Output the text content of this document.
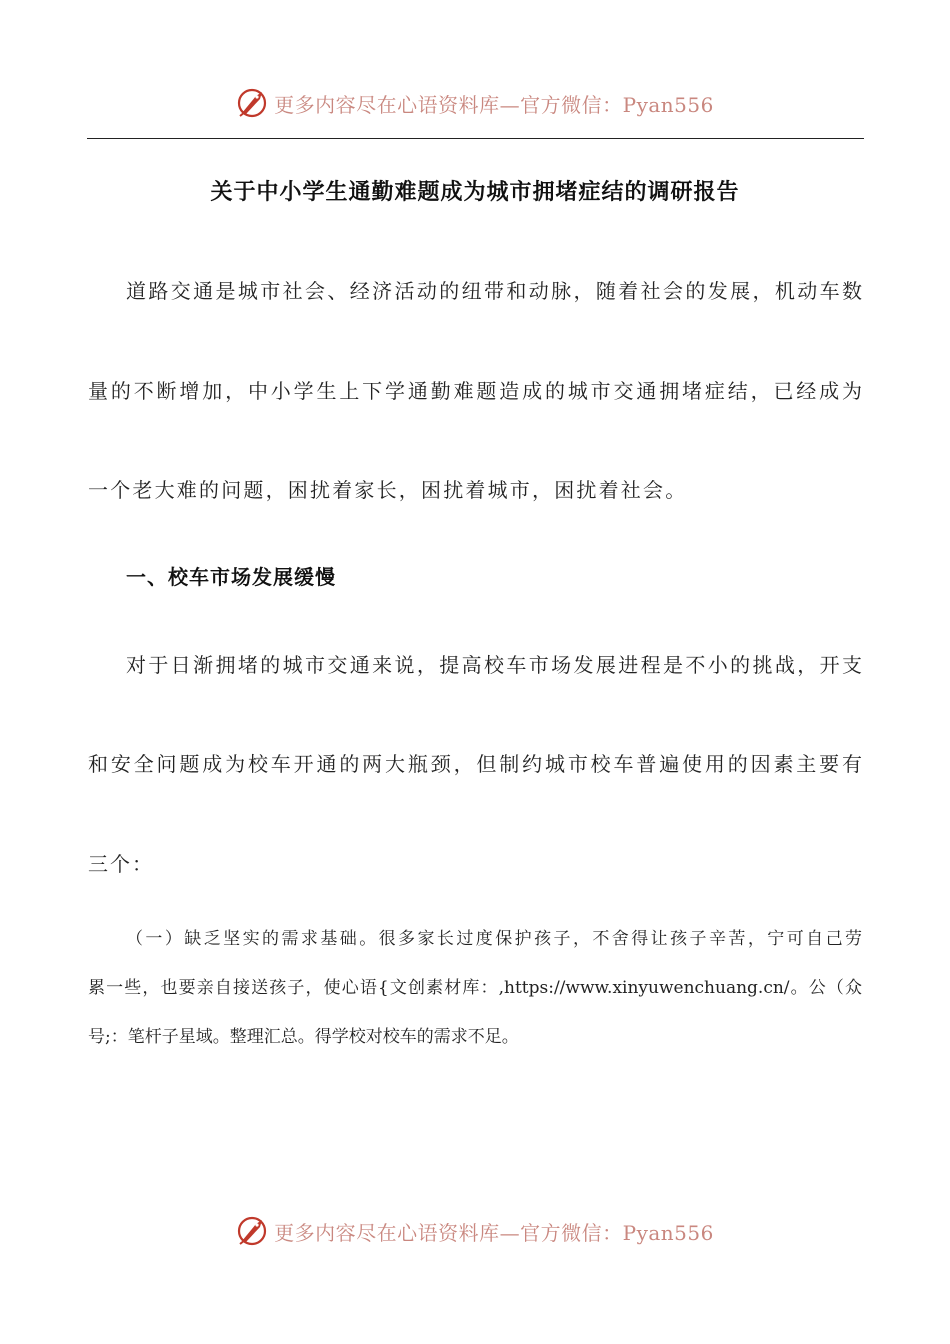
更多内容尽在心语资料库—官方微信：Pyan556
关于中小学生通勤难题成为城市拥堵症结的调研报告
道路交通是城市社会、经济活动的纽带和动脉，随着社会的发展，机动车数
量的不断增加，中小学生上下学通勤难题造成的城市交通拥堵症结，已经成为
一个老大难的问题，困扰着家长，困扰着城市，困扰着社会。
一、校车市场发展缓慢
对于日渐拥堵的城市交通来说，提高校车市场发展进程是不小的挑战，开支
和安全问题成为校车开通的两大瓶颈，但制约城市校车普遍使用的因素主要有
三个：
（一）缺乏坚实的需求基础。很多家长过度保护孩子，不舍得让孩子辛苦，宁可自己劳
累一些，也要亲自接送孩子，使心语{文创素材库：,https://www.xinyuwenchuang.cn/。公（众
号;：笔杆子星域。整理汇总。得学校对校车的需求不足。
更多内容尽在心语资料库—官方微信：Pyan556
